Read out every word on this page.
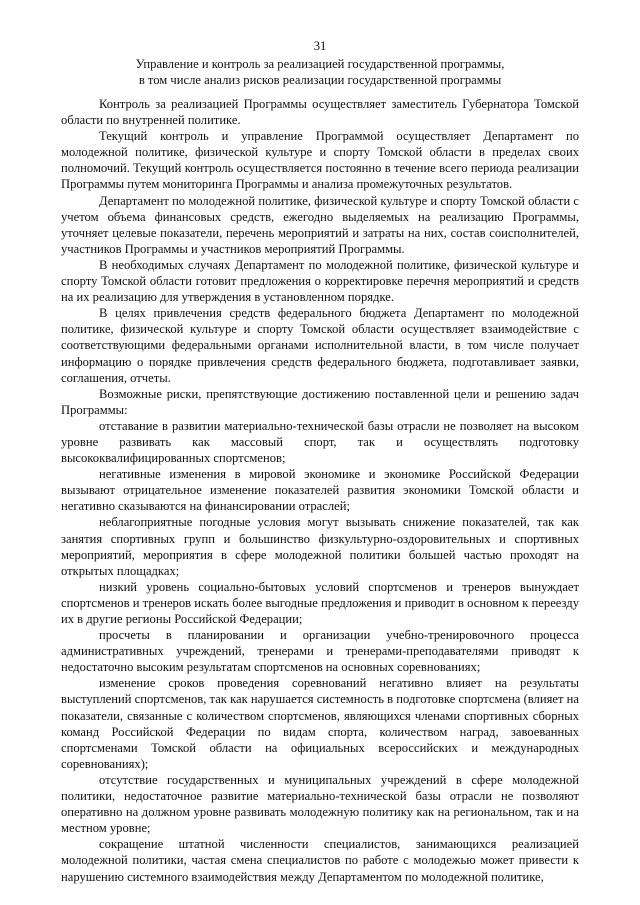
31
Управление и контроль за реализацией государственной программы,
в том числе анализ рисков реализации государственной программы

Контроль за реализацией Программы осуществляет заместитель Губернатора Томской области по внутренней политике.

Текущий контроль и управление Программой осуществляет Департамент по молодежной политике, физической культуре и спорту Томской области в пределах своих полномочий. Текущий контроль осуществляется постоянно в течение всего периода реализации Программы путем мониторинга Программы и анализа промежуточных результатов.

Департамент по молодежной политике, физической культуре и спорту Томской области с учетом объема финансовых средств, ежегодно выделяемых на реализацию Программы, уточняет целевые показатели, перечень мероприятий и затраты на них, состав соисполнителей, участников Программы и участников мероприятий Программы.

В необходимых случаях Департамент по молодежной политике, физической культуре и спорту Томской области готовит предложения о корректировке перечня мероприятий и средств на их реализацию для утверждения в установленном порядке.

В целях привлечения средств федерального бюджета Департамент по молодежной политике, физической культуре и спорту Томской области осуществляет взаимодействие с соответствующими федеральными органами исполнительной власти, в том числе получает информацию о порядке привлечения средств федерального бюджета, подготавливает заявки, соглашения, отчеты.

Возможные риски, препятствующие достижению поставленной цели и решению задач Программы:

отставание в развитии материально-технической базы отрасли не позволяет на высоком уровне развивать как массовый спорт, так и осуществлять подготовку высококвалифицированных спортсменов;

негативные изменения в мировой экономике и экономике Российской Федерации вызывают отрицательное изменение показателей развития экономики Томской области и негативно сказываются на финансировании отраслей;

неблагоприятные погодные условия могут вызывать снижение показателей, так как занятия спортивных групп и большинство физкультурно-оздоровительных и спортивных мероприятий, мероприятия в сфере молодежной политики большей частью проходят на открытых площадках;

низкий уровень социально-бытовых условий спортсменов и тренеров вынуждает спортсменов и тренеров искать более выгодные предложения и приводит в основном к переезду их в другие регионы Российской Федерации;

просчеты в планировании и организации учебно-тренировочного процесса административных учреждений, тренерами и тренерами-преподавателями приводят к недостаточно высоким результатам спортсменов на основных соревнованиях;

изменение сроков проведения соревнований негативно влияет на результаты выступлений спортсменов, так как нарушается системность в подготовке спортсмена (влияет на показатели, связанные с количеством спортсменов, являющихся членами спортивных сборных команд Российской Федерации по видам спорта, количеством наград, завоеванных спортсменами Томской области на официальных всероссийских и международных соревнованиях);

отсутствие государственных и муниципальных учреждений в сфере молодежной политики, недостаточное развитие материально-технической базы отрасли не позволяют оперативно на должном уровне развивать молодежную политику как на региональном, так и на местном уровне;

сокращение штатной численности специалистов, занимающихся реализацией молодежной политики, частая смена специалистов по работе с молодежью может привести к нарушению системного взаимодействия между Департаментом по молодежной политике,
